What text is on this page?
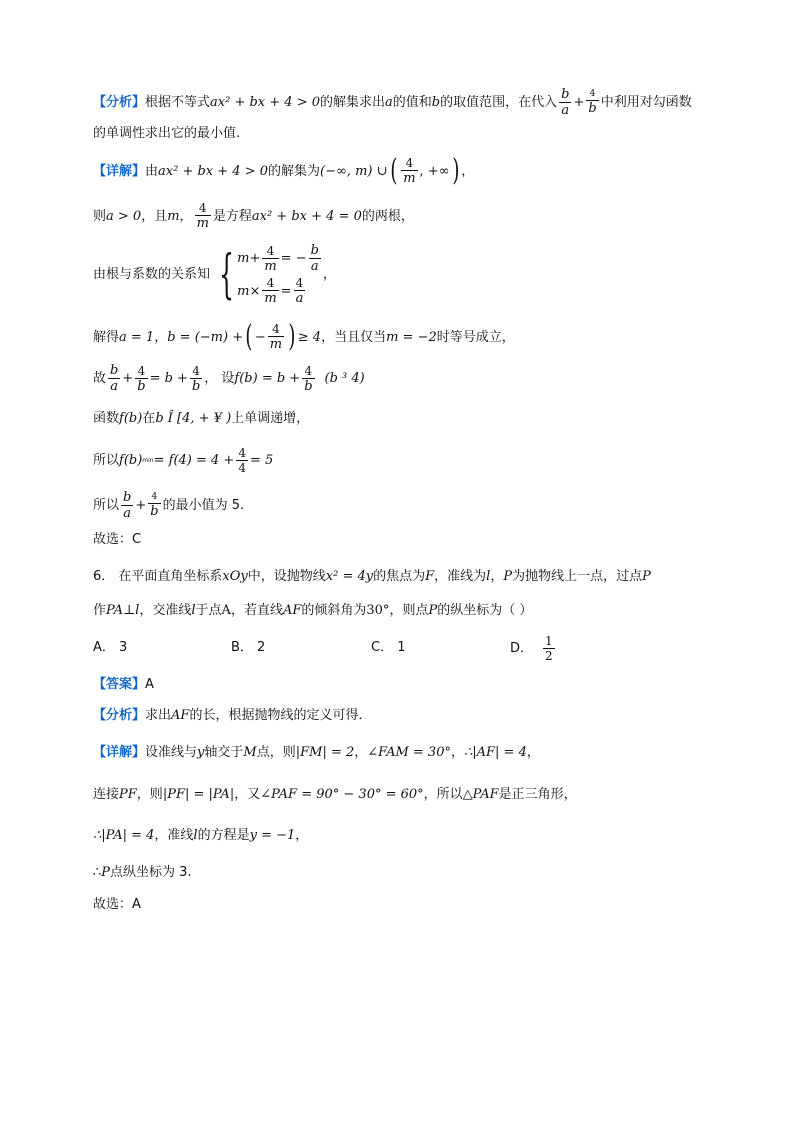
【分析】 根据不等式 ax² + bx + 4 > 0 的解集求出 a 的值和 b 的取值范围，在代入 $\frac{b}{a} + \frac{4}{b}$ 中利用对勾函数
的单调性求出它的最小值.
【详解】 由 ax² + bx + 4 > 0 的解集为 (−∞, m) ∪ ( $\frac{4}{m}$ , +∞ ) ，
则 a > 0 ，且 m ， $\frac{4}{m}$ 是方程 ax² + bx + 4 = 0 的两根，
由根与系数的关系知 { $m + \frac{4}{m}$ = − $\frac{b}{a}$
$m \times \frac{4}{m} = \frac{4}{a}$
，
解得 a = 1 ， b = (−m) + ( − $\frac{4}{m}$ ) ≥ 4 ，当且仅当 m = −2 时等号成立，
故 $\frac{b}{a} + \frac{4}{b} = b + \frac{4}{b}$ ， 设 $f(b) = b + \frac{4}{b} (b$ ³ 4)
函数 f(b) 在 b Î [4, + ¥ ) 上单调递增，
所以 f(b) $\min = f(4) = 4 + \frac{4}{4} = 5$
所以 $\frac{b}{a} + \frac{4}{b}$ 的最小值为 5.
故选：C
6． 在平面直角坐标系 xOy 中，设抛物线 x² = 4y 的焦点为 F ，准线为 l ， P 为抛物线上一点，过点 P
作 PA⊥l ，交准线 l 于点 A ，若直线 AF 的倾斜角为 30° ，则点 P 的纵坐标为（ ）
A． 3	B． 2	C． 1	D． $\frac{1}{2}$
【答案】 A
【分析】 求出 AF 的长，根据抛物线的定义可得．
【详解】 设准线与 y 轴交于 M 点，则 |FM| = 2 ， ∠FAM = 30° ， ∴|AF| = 4 ，
连接 PF ，则 |PF| = |PA| ，又 ∠PAF = 90° − 30° = 60° ，所以 △PAF 是正三角形，
∴|PA| = 4 ，准线 l 的方程是 y = −1 ，
∴ P 点纵坐标为 3.
故选：A
